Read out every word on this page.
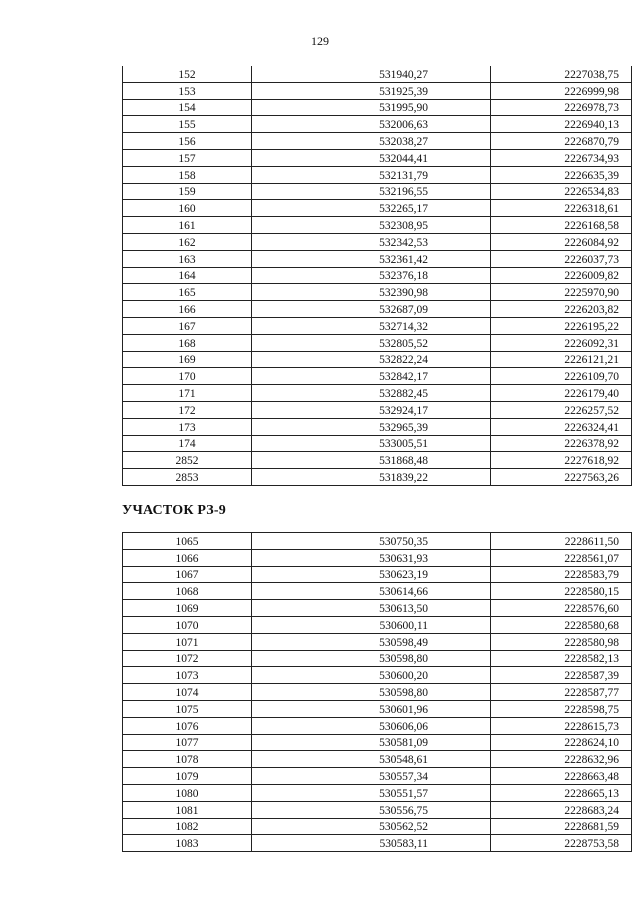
129
152	531940,27	2227038,75
153	531925,39	2226999,98
154	531995,90	2226978,73
155	532006,63	2226940,13
156	532038,27	2226870,79
157	532044,41	2226734,93
158	532131,79	2226635,39
159	532196,55	2226534,83
160	532265,17	2226318,61
161	532308,95	2226168,58
162	532342,53	2226084,92
163	532361,42	2226037,73
164	532376,18	2226009,82
165	532390,98	2225970,90
166	532687,09	2226203,82
167	532714,32	2226195,22
168	532805,52	2226092,31
169	532822,24	2226121,21
170	532842,17	2226109,70
171	532882,45	2226179,40
172	532924,17	2226257,52
173	532965,39	2226324,41
174	533005,51	2226378,92
2852	531868,48	2227618,92
2853	531839,22	2227563,26
УЧАСТОК РЗ-9
1065	530750,35	2228611,50
1066	530631,93	2228561,07
1067	530623,19	2228583,79
1068	530614,66	2228580,15
1069	530613,50	2228576,60
1070	530600,11	2228580,68
1071	530598,49	2228580,98
1072	530598,80	2228582,13
1073	530600,20	2228587,39
1074	530598,80	2228587,77
1075	530601,96	2228598,75
1076	530606,06	2228615,73
1077	530581,09	2228624,10
1078	530548,61	2228632,96
1079	530557,34	2228663,48
1080	530551,57	2228665,13
1081	530556,75	2228683,24
1082	530562,52	2228681,59
1083	530583,11	2228753,58
